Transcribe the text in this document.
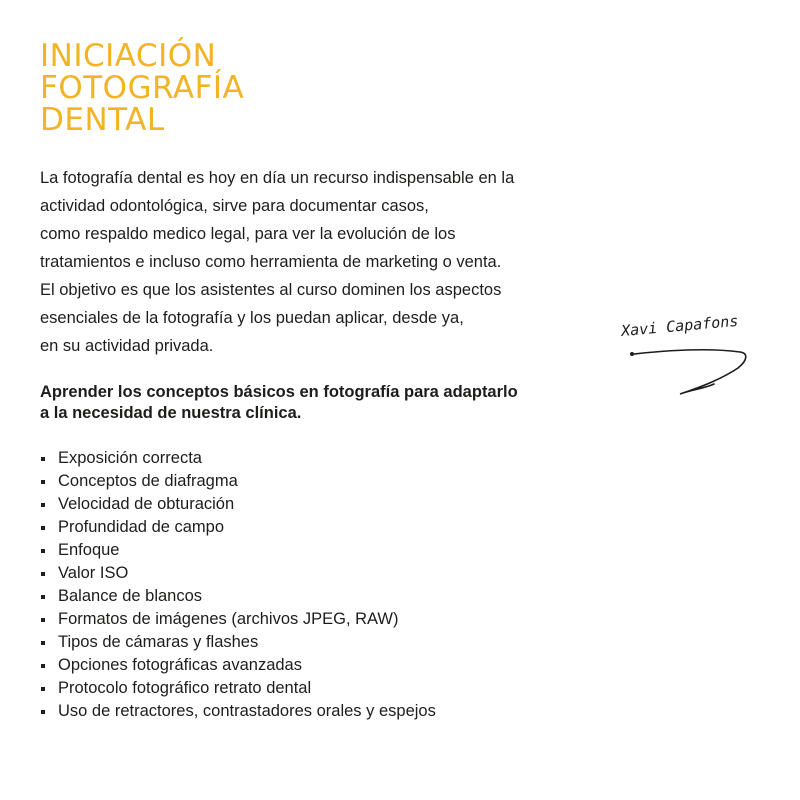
INICIACIÓN
FOTOGRAFÍA
DENTAL

La fotografía dental es hoy en día un recurso indispensable en la
actividad odontológica, sirve para documentar casos,
como respaldo medico legal, para ver la evolución de los
tratamientos e incluso como herramienta de marketing o venta.
El objetivo es que los asistentes al curso dominen los aspectos
esenciales de la fotografía y los puedan aplicar, desde ya,
en su actividad privada.

Xavi Capafons

Aprender los conceptos básicos en fotografía para adaptarlo
a la necesidad de nuestra clínica.

Exposición correcta
Conceptos de diafragma
Velocidad de obturación
Profundidad de campo
Enfoque
Valor ISO
Balance de blancos
Formatos de imágenes (archivos JPEG, RAW)
Tipos de cámaras y flashes
Opciones fotográficas avanzadas
Protocolo fotográfico retrato dental
Uso de retractores, contrastadores orales y espejos
